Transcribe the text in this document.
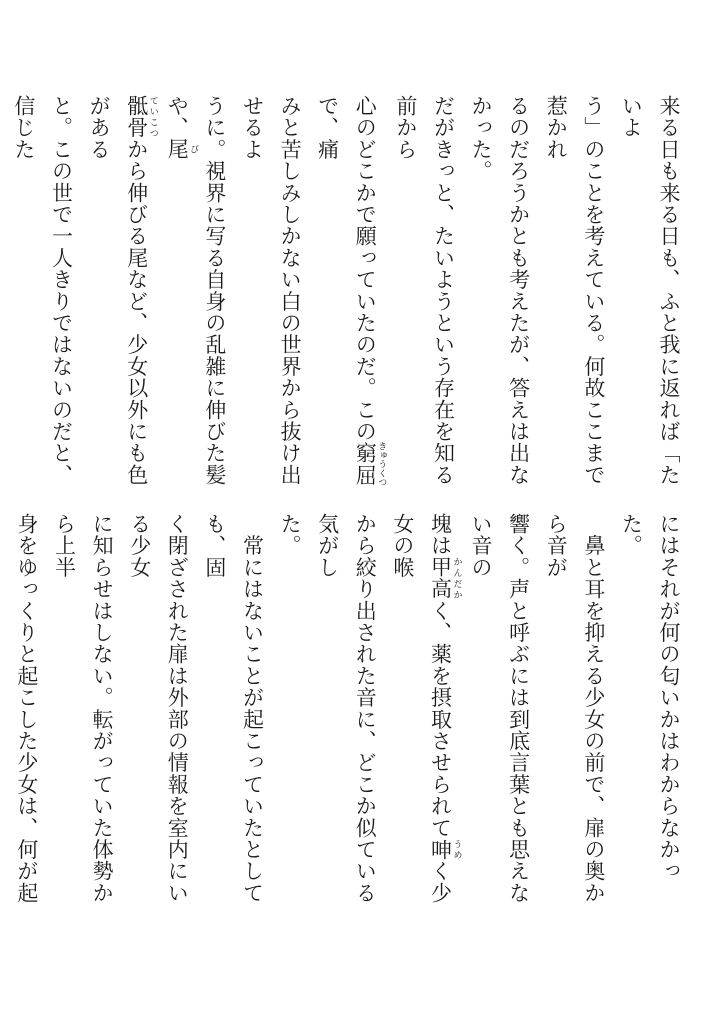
来る日も来る日も、ふと我に返れば「たいよ
う」のことを考えている。何故ここまで惹かれ
るのだろうかとも考えたが、答えは出なかった。
だがきっと、たいようという存在を知る前から
心のどこかで願っていたのだ。この窮屈 きゅうくつで、痛
みと苦しみしかない白の世界から抜け出せるよ
うに。視界に写る自身の乱雑に伸びた髪や、尾 び
骶骨 ていこつから伸びる尾など、少女以外にも色がある
と。この世で一人きりではないのだと、信じた
にはそれが何の匂いかはわからなかった。
　鼻と耳を抑える少女の前で、扉の奥から音が
響く。声と呼ぶには到底言葉とも思えない音の
塊は甲高 かんだかく、薬を摂取させられて呻 うめく少女の喉
から絞り出された音に、どこか似ている気がし
た。
　常にはないことが起こっていたとしても、固
く閉ざされた扉は外部の情報を室内にいる少女
に知らせはしない。転がっていた体勢から上半
身をゆっくりと起こした少女は、何が起
